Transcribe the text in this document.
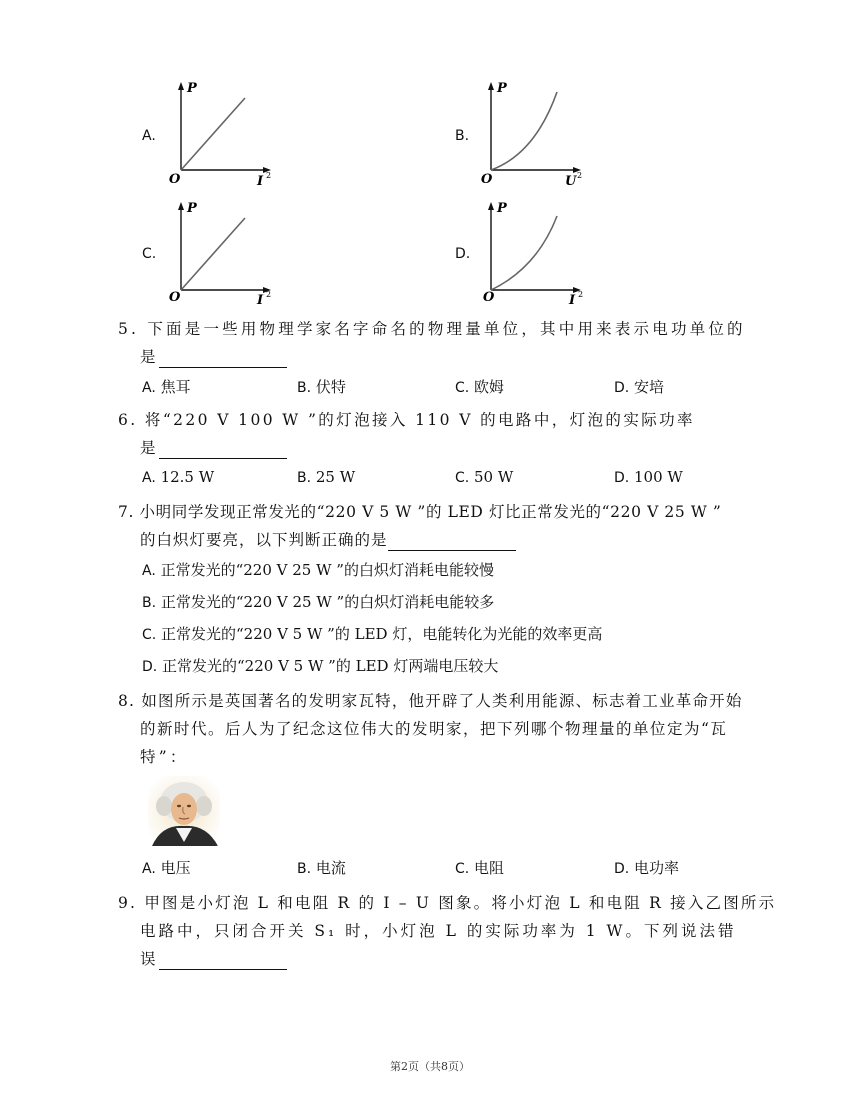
A.
P
O	I 2
B.
P
O	U 2
C.
P
O	I 2
D.
P
O	I 2
5. 下面是一些用物理学家名字命名的物理量单位，其中用来表示电功单位的
是
A. 焦耳	B. 伏特	C. 欧姆	D. 安培
6. 将“220 V 100 W ”的灯泡接入 110 V 的电路中，灯泡的实际功率
是
A. 12.5 W	B. 25 W	C. 50 W	D. 100 W
7. 小明同学发现正常发光的“220 V 5 W ”的 LED 灯比正常发光的“220 V 25 W ”
的白炽灯要亮，以下判断正确的是
A. 正常发光的“220 V 25 W ”的白炽灯消耗电能较慢
B. 正常发光的“220 V 25 W ”的白炽灯消耗电能较多
C. 正常发光的“220 V 5 W ”的 LED 灯，电能转化为光能的效率更高
D. 正常发光的“220 V 5 W ”的 LED 灯两端电压较大
8. 如图所示是英国著名的发明家瓦特，他开辟了人类利用能源、标志着工业革命开始
的新时代。后人为了纪念这位伟大的发明家，把下列哪个物理量的单位定为“瓦
特”：
A. 电压	B. 电流	C. 电阻	D. 电功率
9. 甲图是小灯泡 L 和电阻 R 的 I – U 图象。将小灯泡 L 和电阻 R 接入乙图所示
电路中，只闭合开关 S₁ 时，小灯泡 L 的实际功率为 1 W。下列说法错
误
第2页（共8页）
